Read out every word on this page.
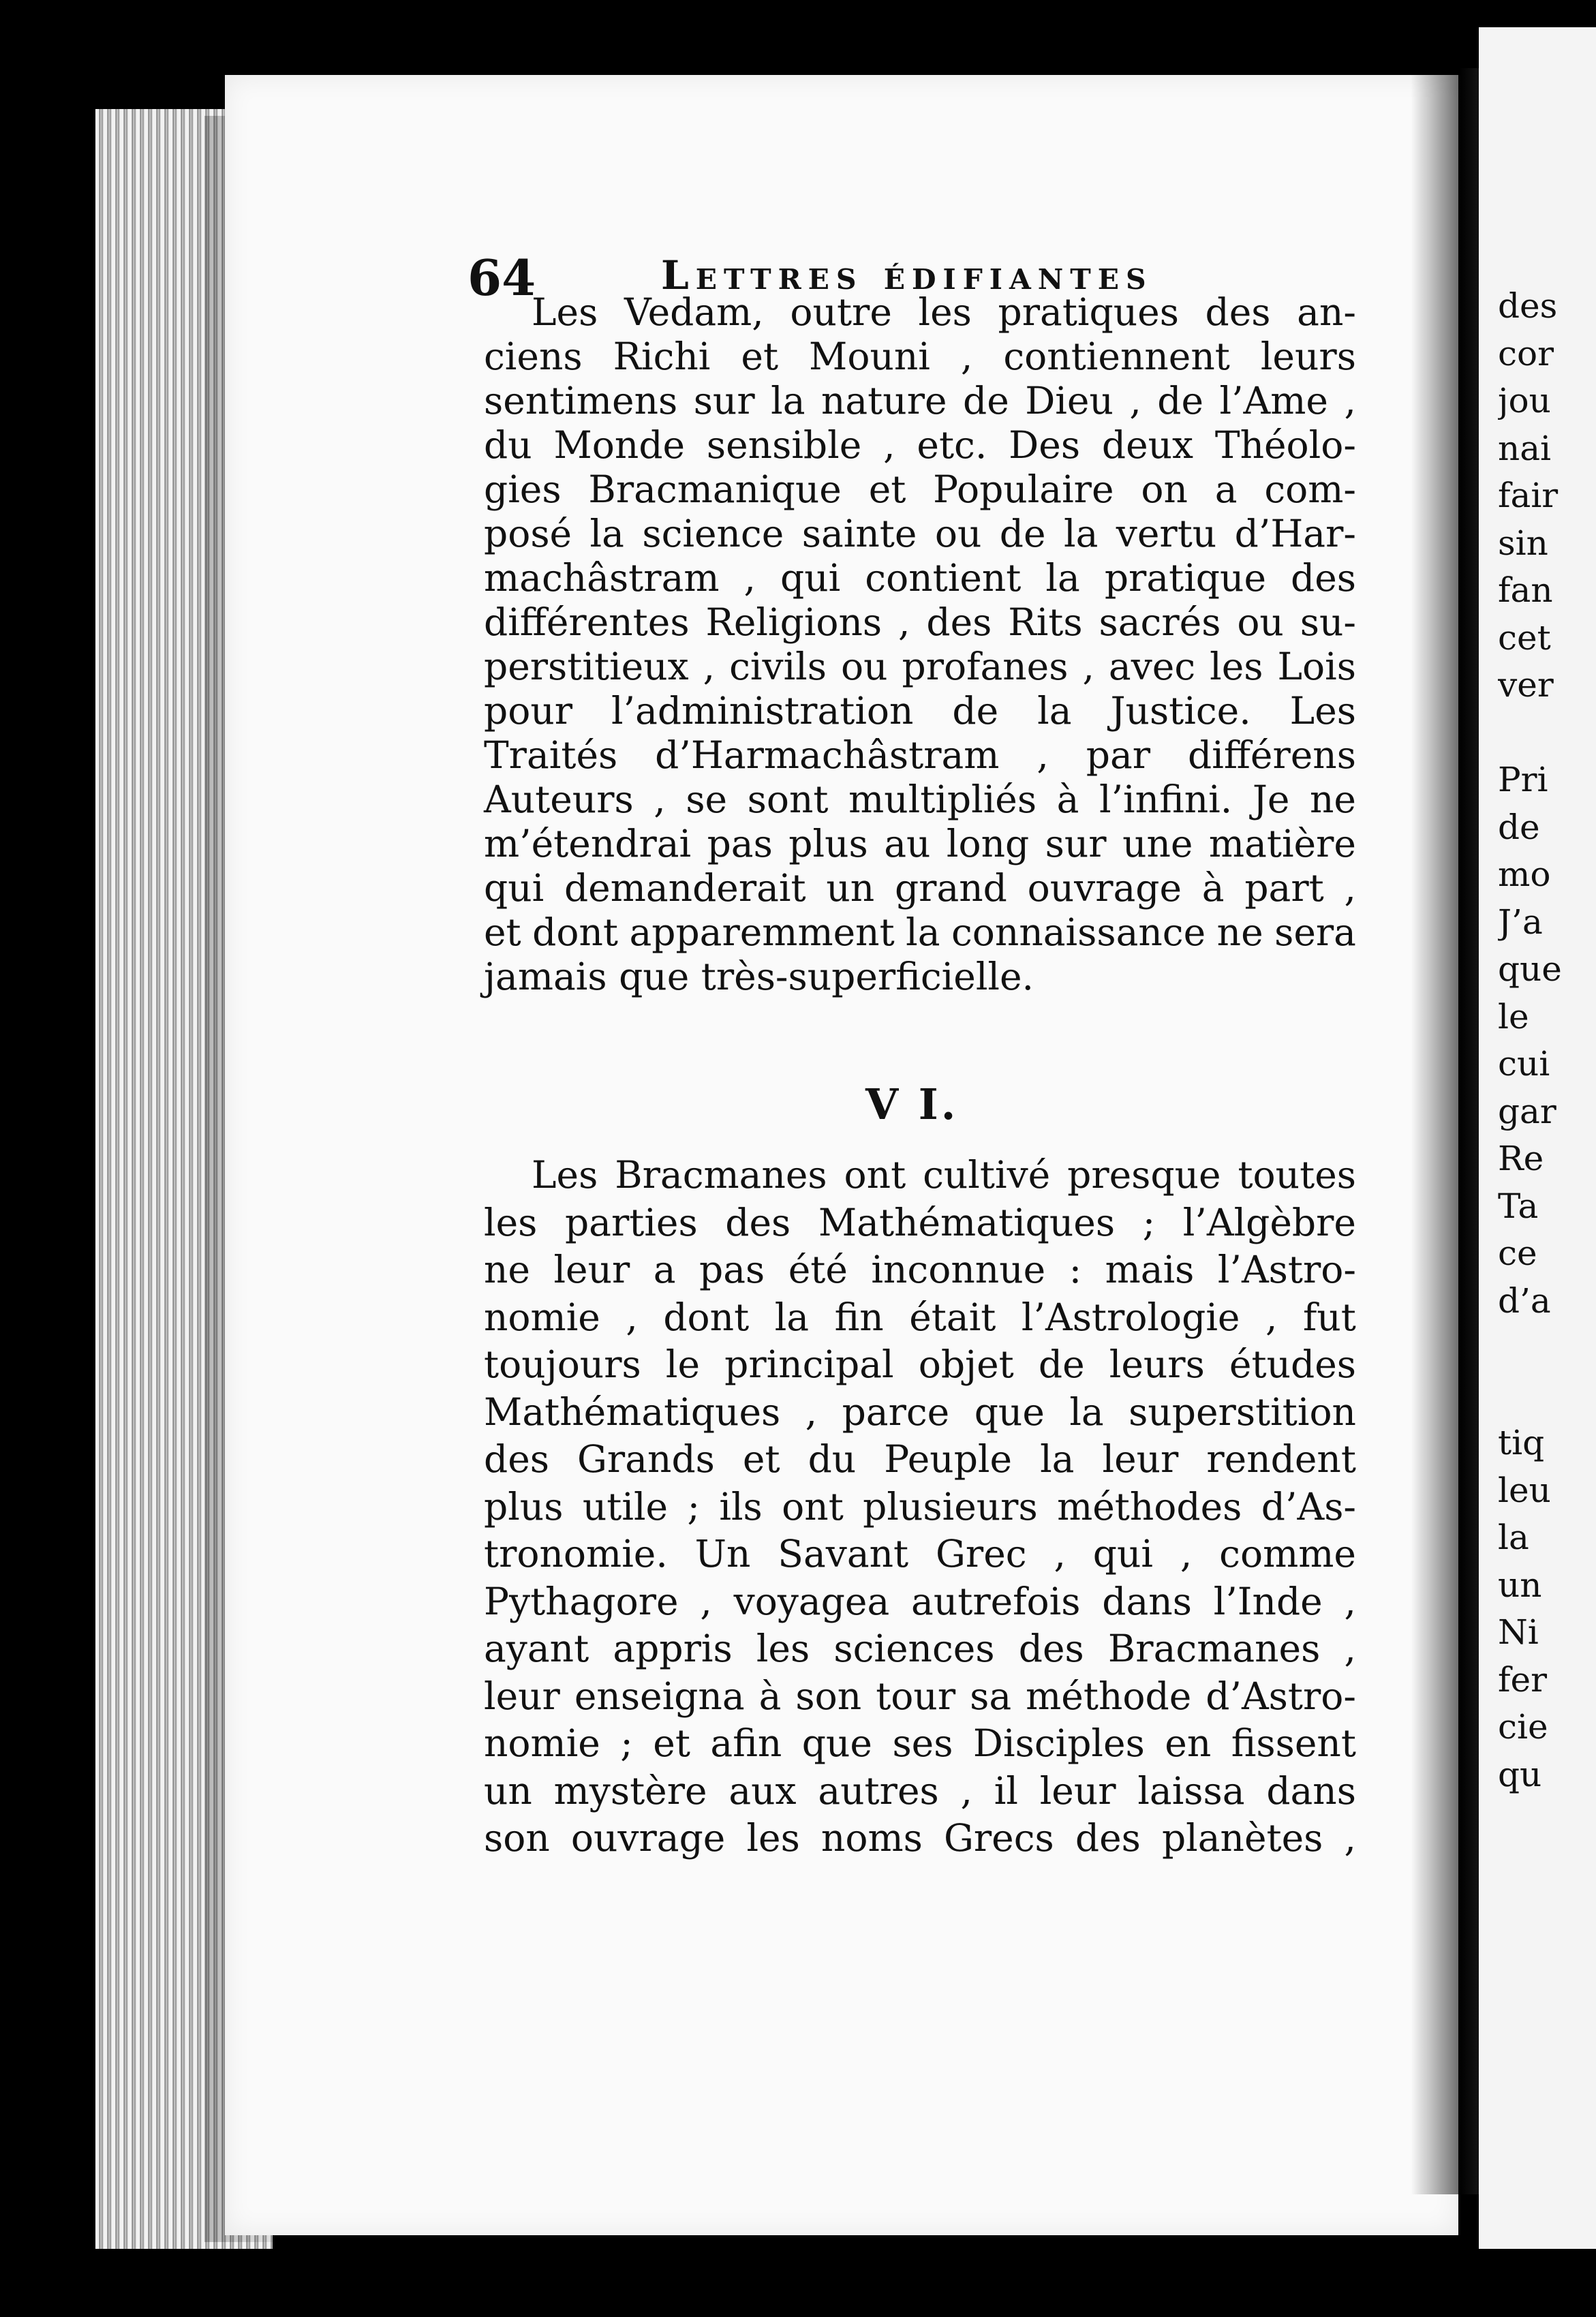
64	Lettres édifiantes
Les Vedam, outre les pratiques des an-
ciens Richi et Mouni , contiennent leurs
sentimens sur la nature de Dieu , de l’Ame ,
du Monde sensible , etc. Des deux Théolo-
gies Bracmanique et Populaire on a com-
posé la science sainte ou de la vertu d’Har-
machâstram , qui contient la pratique des
différentes Religions , des Rits sacrés ou su-
perstitieux , civils ou profanes , avec les Lois
pour l’administration de la Justice. Les
Traités d’Harmachâstram , par différens
Auteurs , se sont multipliés à l’infini. Je ne
m’étendrai pas plus au long sur une matière
qui demanderait un grand ouvrage à part ,
et dont apparemment la connaissance ne sera
jamais que très-superficielle.
V I.
Les Bracmanes ont cultivé presque toutes
les parties des Mathématiques ; l’Algèbre
ne leur a pas été inconnue : mais l’Astro-
nomie , dont la fin était l’Astrologie , fut
toujours le principal objet de leurs études
Mathématiques , parce que la superstition
des Grands et du Peuple la leur rendent
plus utile ; ils ont plusieurs méthodes d’As-
tronomie. Un Savant Grec , qui , comme
Pythagore , voyagea autrefois dans l’Inde ,
ayant appris les sciences des Bracmanes ,
leur enseigna à son tour sa méthode d’Astro-
nomie ; et afin que ses Disciples en fissent
un mystère aux autres , il leur laissa dans
son ouvrage les noms Grecs des planètes ,
des
cor
jou
nai
fair
sin
fan
cet
ver
Pri
de
mo
J’a
que
le
cui
gar
Re
Ta
ce
d’a
tiq
leu
la
un
Ni
fer
cie
qu
